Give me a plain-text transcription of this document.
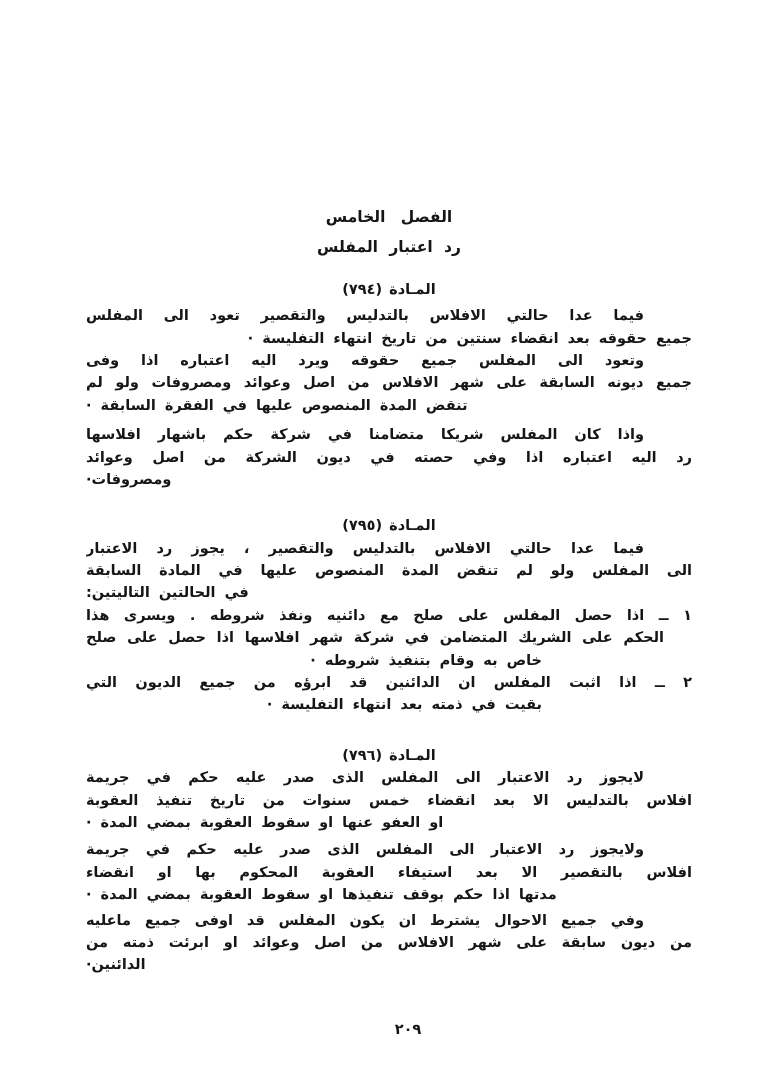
الفصل الخامس
رد اعتبار المفلس
المـادة (٧٩٤)
فيما عدا حالتي الافلاس بالتدليس والتقصير تعود الى المفلس
جميع حقوقه بعد انقضاء سنتين من تاريخ انتهاء التفليسة ·
وتعود الى المفلس جميع حقوقه ويرد اليه اعتباره اذا وفى
جميع ديونه السابقة على شهر الافلاس من اصل وعوائد ومصروفات ولو لم
تنقض المدة المنصوص عليها في الفقرة السابقة ·
واذا كان المفلس شريكا متضامنا في شركة حكم باشهار افلاسها
رد اليه اعتباره اذا وفي حصته في ديون الشركة من اصل وعوائد
ومصروفات·
المـادة (٧٩٥)
فيما عدا حالتي الافلاس بالتدليس والتقصير ، يجوز رد الاعتبار
الى المفلس ولو لم تنقض المدة المنصوص عليها في المادة السابقة
في الحالتين التاليتين:
١ ــ اذا حصل المفلس على صلح مع دائنيه ونفذ شروطه . ويسرى هذا
الحكم على الشريك المتضامن في شركة شهر افلاسها اذا حصل على صلح
خاص به وقام بتنفيذ شروطه ·
٢ ــ اذا اثبت المفلس ان الدائنين قد ابرؤه من جميع الديون التي
بقيت في ذمته بعد انتهاء التفليسة ·
المـادة (٧٩٦)
لايجوز رد الاعتبار الى المفلس الذى صدر عليه حكم في جريمة
افلاس بالتدليس الا بعد انقضاء خمس سنوات من تاريخ تنفيذ العقوبة
او العفو عنها او سقوط العقوبة بمضي المدة ·
ولايجوز رد الاعتبار الى المفلس الذى صدر عليه حكم في جريمة
افلاس بالتقصير الا بعد استيفاء العقوبة المحكوم بها او انقضاء
مدتها اذا حكم بوقف تنفيذها او سقوط العقوبة بمضي المدة ·
وفي جميع الاحوال يشترط ان يكون المفلس قد اوفى جميع ماعليه
من ديون سابقة على شهر الافلاس من اصل وعوائد او ابرئت ذمته من
الدائنين·
٢٠٩
